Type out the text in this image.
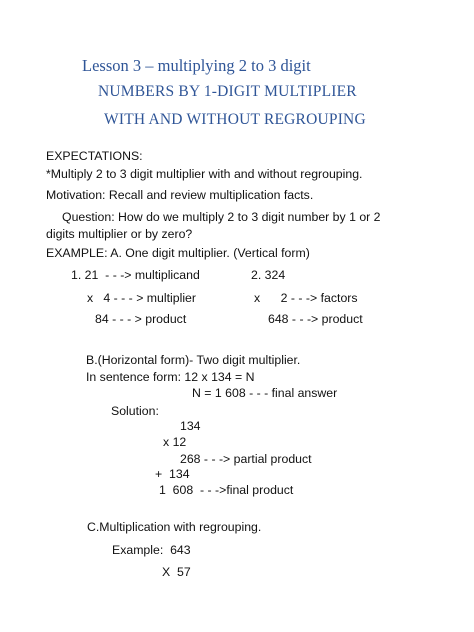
Lesson 3 – multiplying 2 to 3 digit
NUMBERS BY 1-DIGIT MULTIPLIER
WITH AND WITHOUT REGROUPING
EXPECTATIONS:
*Multiply 2 to 3 digit multiplier with and without regrouping.
Motivation: Recall and review multiplication facts.
Question: How do we multiply 2 to 3 digit number by 1 or 2
digits multiplier or by zero?
EXAMPLE: A. One digit multiplier. (Vertical form)
1. 21  - - -> multiplicand
x   4 - - - > multiplier
84 - - - > product
2. 324
x      2 - - -> factors
648 - - -> product
B.(Horizontal form)- Two digit multiplier.
In sentence form: 12 x 134 = N
N = 1 608 - - - final answer
Solution:
134
x 12
268 - - -> partial product
+  134
1  608  - - ->final product
C.Multiplication with regrouping.
Example:  643
X  57
